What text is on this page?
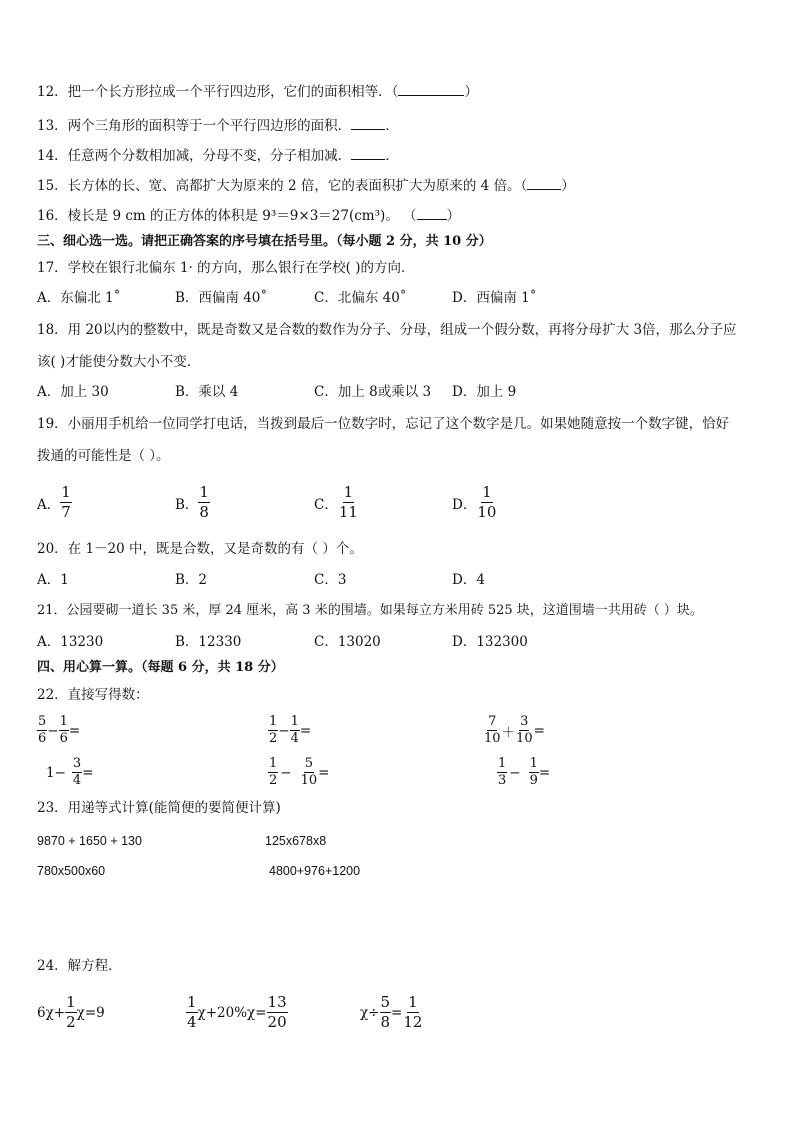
12．把一个长方形拉成一个平行四边形，它们的面积相等．（	）
13．两个三角形的面积等于一个平行四边形的面积．	．
14．任意两个分数相加减，分母不变，分子相加减．	．
15．长方体的长、宽、高都扩大为原来的 2 倍，它的表面积扩大为原来的 4 倍。（	）
16．棱长是 9 cm 的正方体的体积是 9³＝9×3＝27(cm³)。 （ ）
三、细心选一选。请把正确答案的序号填在括号里。（每小题 2 分，共 10 分）
17．学校在银行北偏东 1· 的方向，那么银行在学校( )的方向．
A．东偏北 1˚	B．西偏南 40˚	C．北偏东 40˚	D．西偏南 1˚
18．用 20以内的整数中，既是奇数又是合数的数作为分子、分母，组成一个假分数，再将分母扩大 3倍，那么分子应
该( )才能使分数大小不变．
A．加上 30	B．乘以 4	C．加上 8或乘以 3 D．加上 9
19．小丽用手机给一位同学打电话，当拨到最后一位数字时，忘记了这个数字是几。如果她随意按一个数字键，恰好
拨通的可能性是（ ）。
A． $\frac{1}{7}$	B． $\frac{1}{8}$	C． $\frac{1}{11}$	D． $\frac{1}{10}$
20．在 1－20 中，既是合数，又是奇数的有（ ）个。
A．1	B．2	C．3	D．4
21．公园要砌一道长 35 米，厚 24 厘米，高 3 米的围墙。如果每立方米用砖 525 块，这道围墙一共用砖（ ）块。
A．13230	B．12330	C．13020	D．132300
四、用心算一算。（每题 6 分，共 18 分）
22．直接写得数：
$\frac{5}{6} - \frac{1}{6}$ =	$\frac{1}{2} - \frac{1}{4}$ =	$\frac{7}{10} + \frac{3}{10}$ =
$1- \frac{3}{4}$ =	$\frac{1}{2} - \frac{5}{10}$ =	$\frac{1}{3} - \frac{1}{9}$ =
23．用递等式计算(能简便的要简便计算)
9870 + 1650 + 130	125x678x8
780x500x60	4800+976+1200
24．解方程．
$6\chi+ \frac{1}{2} \chi=9$	$\frac{1}{4} \chi+20\%\chi= \frac{13}{20}$	$\chi\div \frac{5}{8} = \frac{1}{12}$
